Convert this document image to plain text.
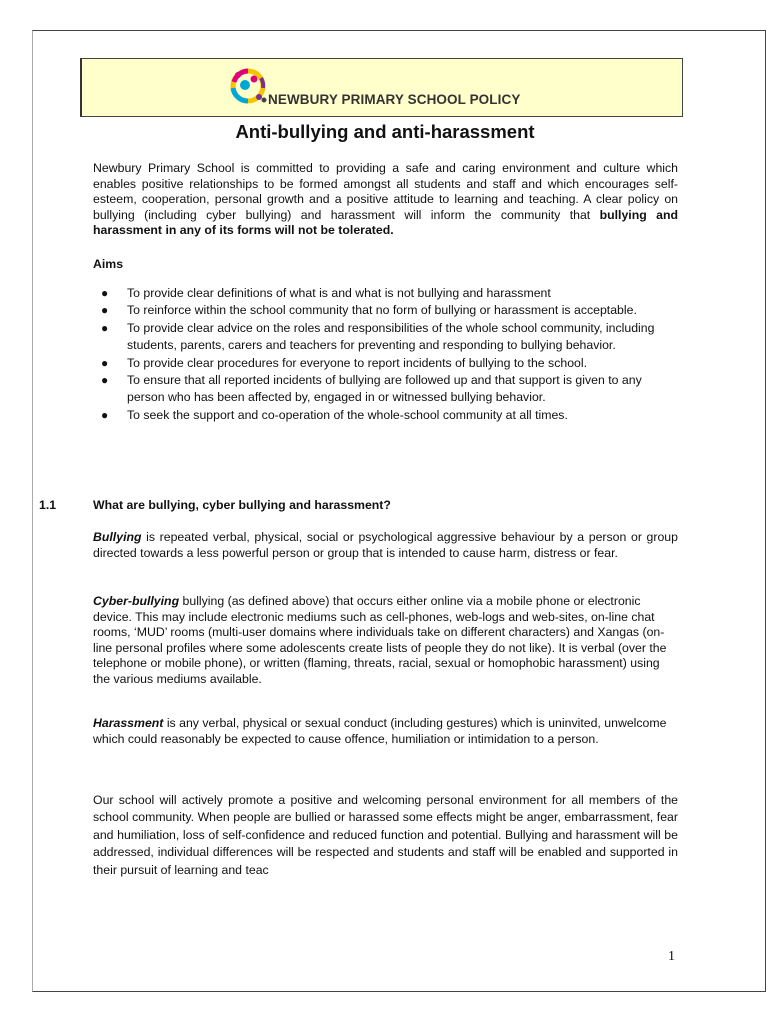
NEWBURY PRIMARY SCHOOL POLICY
Anti-bullying and anti-harassment

Newbury Primary School is committed to providing a safe and caring environment and culture which enables positive relationships to be formed amongst all students and staff and which encourages self-esteem, cooperation, personal growth and a positive attitude to learning and teaching. A clear policy on bullying (including cyber bullying) and harassment will inform the community that bullying and harassment in any of its forms will not be tolerated.

Aims
● To provide clear definitions of what is and what is not bullying and harassment
● To reinforce within the school community that no form of bullying or harassment is acceptable.
● To provide clear advice on the roles and responsibilities of the whole school community, including students, parents, carers and teachers for preventing and responding to bullying behavior.
● To provide clear procedures for everyone to report incidents of bullying to the school.
● To ensure that all reported incidents of bullying are followed up and that support is given to any person who has been affected by, engaged in or witnessed bullying behavior.
● To seek the support and co-operation of the whole-school community at all times.
1.1	What are bullying, cyber bullying and harassment?

Bullying is repeated verbal, physical, social or psychological aggressive behaviour by a person or group directed towards a less powerful person or group that is intended to cause harm, distress or fear.

Cyber-bullying bullying (as defined above) that occurs either online via a mobile phone or electronic device. This may include electronic mediums such as cell-phones, web-logs and web-sites, on-line chat rooms, ‘MUD’ rooms (multi-user domains where individuals take on different characters) and Xangas (on-line personal profiles where some adolescents create lists of people they do not like). It is verbal (over the telephone or mobile phone), or written (flaming, threats, racial, sexual or homophobic harassment) using the various mediums available.

Harassment is any verbal, physical or sexual conduct (including gestures) which is uninvited, unwelcome which could reasonably be expected to cause offence, humiliation or intimidation to a person.

Our school will actively promote a positive and welcoming personal environment for all members of the school community. When people are bullied or harassed some effects might be anger, embarrassment, fear and humiliation, loss of self-confidence and reduced function and potential. Bullying and harassment will be addressed, individual differences will be respected and students and staff will be enabled and supported in their pursuit of learning and teac

1
